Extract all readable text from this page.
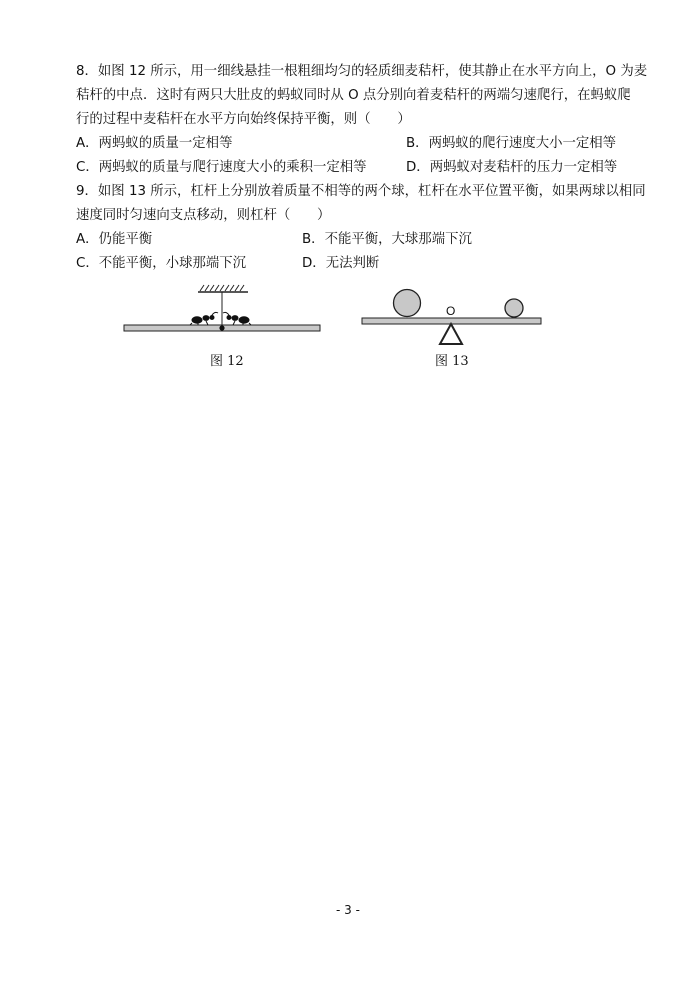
8．如图 12 所示，用一细线悬挂一根粗细均匀的轻质细麦秸杆，使其静止在水平方向上，O 为麦
秸杆的中点．这时有两只大肚皮的蚂蚁同时从 O 点分别向着麦秸杆的两端匀速爬行，在蚂蚁爬
行的过程中麦秸杆在水平方向始终保持平衡，则（　　）
A．两蚂蚁的质量一定相等	B．两蚂蚁的爬行速度大小一定相等
C．两蚂蚁的质量与爬行速度大小的乘积一定相等	D．两蚂蚁对麦秸杆的压力一定相等
9．如图 13 所示，杠杆上分别放着质量不相等的两个球，杠杆在水平位置平衡，如果两球以相同
速度同时匀速向支点移动，则杠杆（　　）
A．仍能平衡	B．不能平衡，大球那端下沉
C．不能平衡，小球那端下沉	D．无法判断
图 12
O
图 13
- 3 -
